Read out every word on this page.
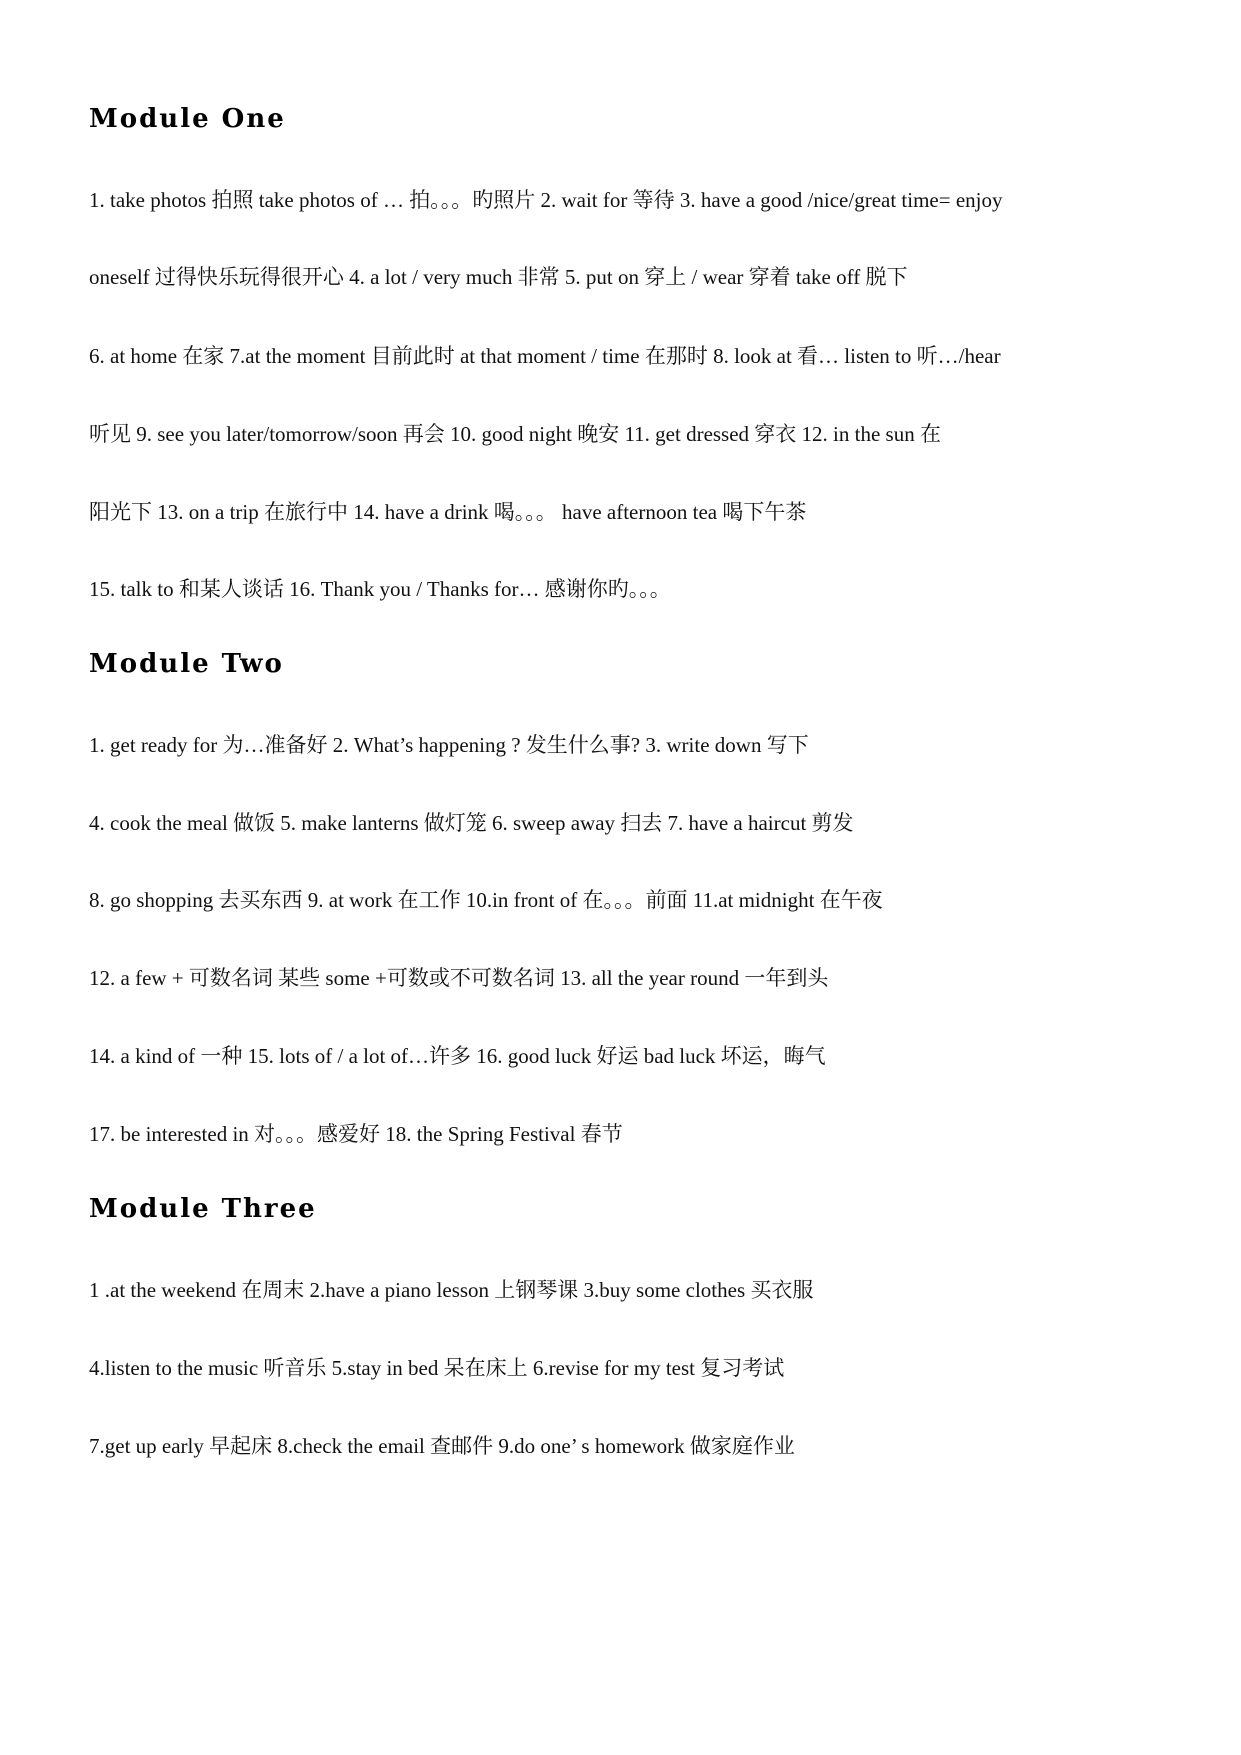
Module One

1. take photos 拍照 take photos of … 拍。。。旳照片 2. wait for 等待 3. have a good /nice/great time= enjoy

oneself 过得快乐玩得很开心 4. a lot / very much 非常 5. put on 穿上 / wear 穿着 take off 脱下

6. at home 在家 7.at the moment 目前此时 at that moment / time 在那时 8. look at 看… listen to 听…/hear

听见 9. see you later/tomorrow/soon 再会 10. good night 晚安 11. get dressed 穿衣 12. in the sun 在

阳光下 13. on a trip 在旅行中 14. have a drink 喝。。。 have afternoon tea 喝下午茶

15. talk to 和某人谈话 16. Thank you / Thanks for… 感谢你旳。。。

Module Two

1. get ready for 为…准备好 2. What’s happening ? 发生什么事? 3. write down 写下

4. cook the meal 做饭 5. make lanterns 做灯笼 6. sweep away 扫去 7. have a haircut 剪发

8. go shopping 去买东西 9. at work 在工作 10.in front of 在。。。前面 11.at midnight 在午夜

12. a few + 可数名词 某些 some +可数或不可数名词 13. all the year round 一年到头

14. a kind of 一种 15. lots of / a lot of…许多 16. good luck 好运 bad luck 坏运，晦气

17. be interested in 对。。。感爱好 18. the Spring Festival 春节

Module Three

1 .at the weekend 在周末 2.have a piano lesson 上钢琴课 3.buy some clothes 买衣服

4.listen to the music 听音乐 5.stay in bed 呆在床上 6.revise for my test 复习考试

7.get up early 早起床 8.check the email 查邮件 9.do one’ s homework 做家庭作业
